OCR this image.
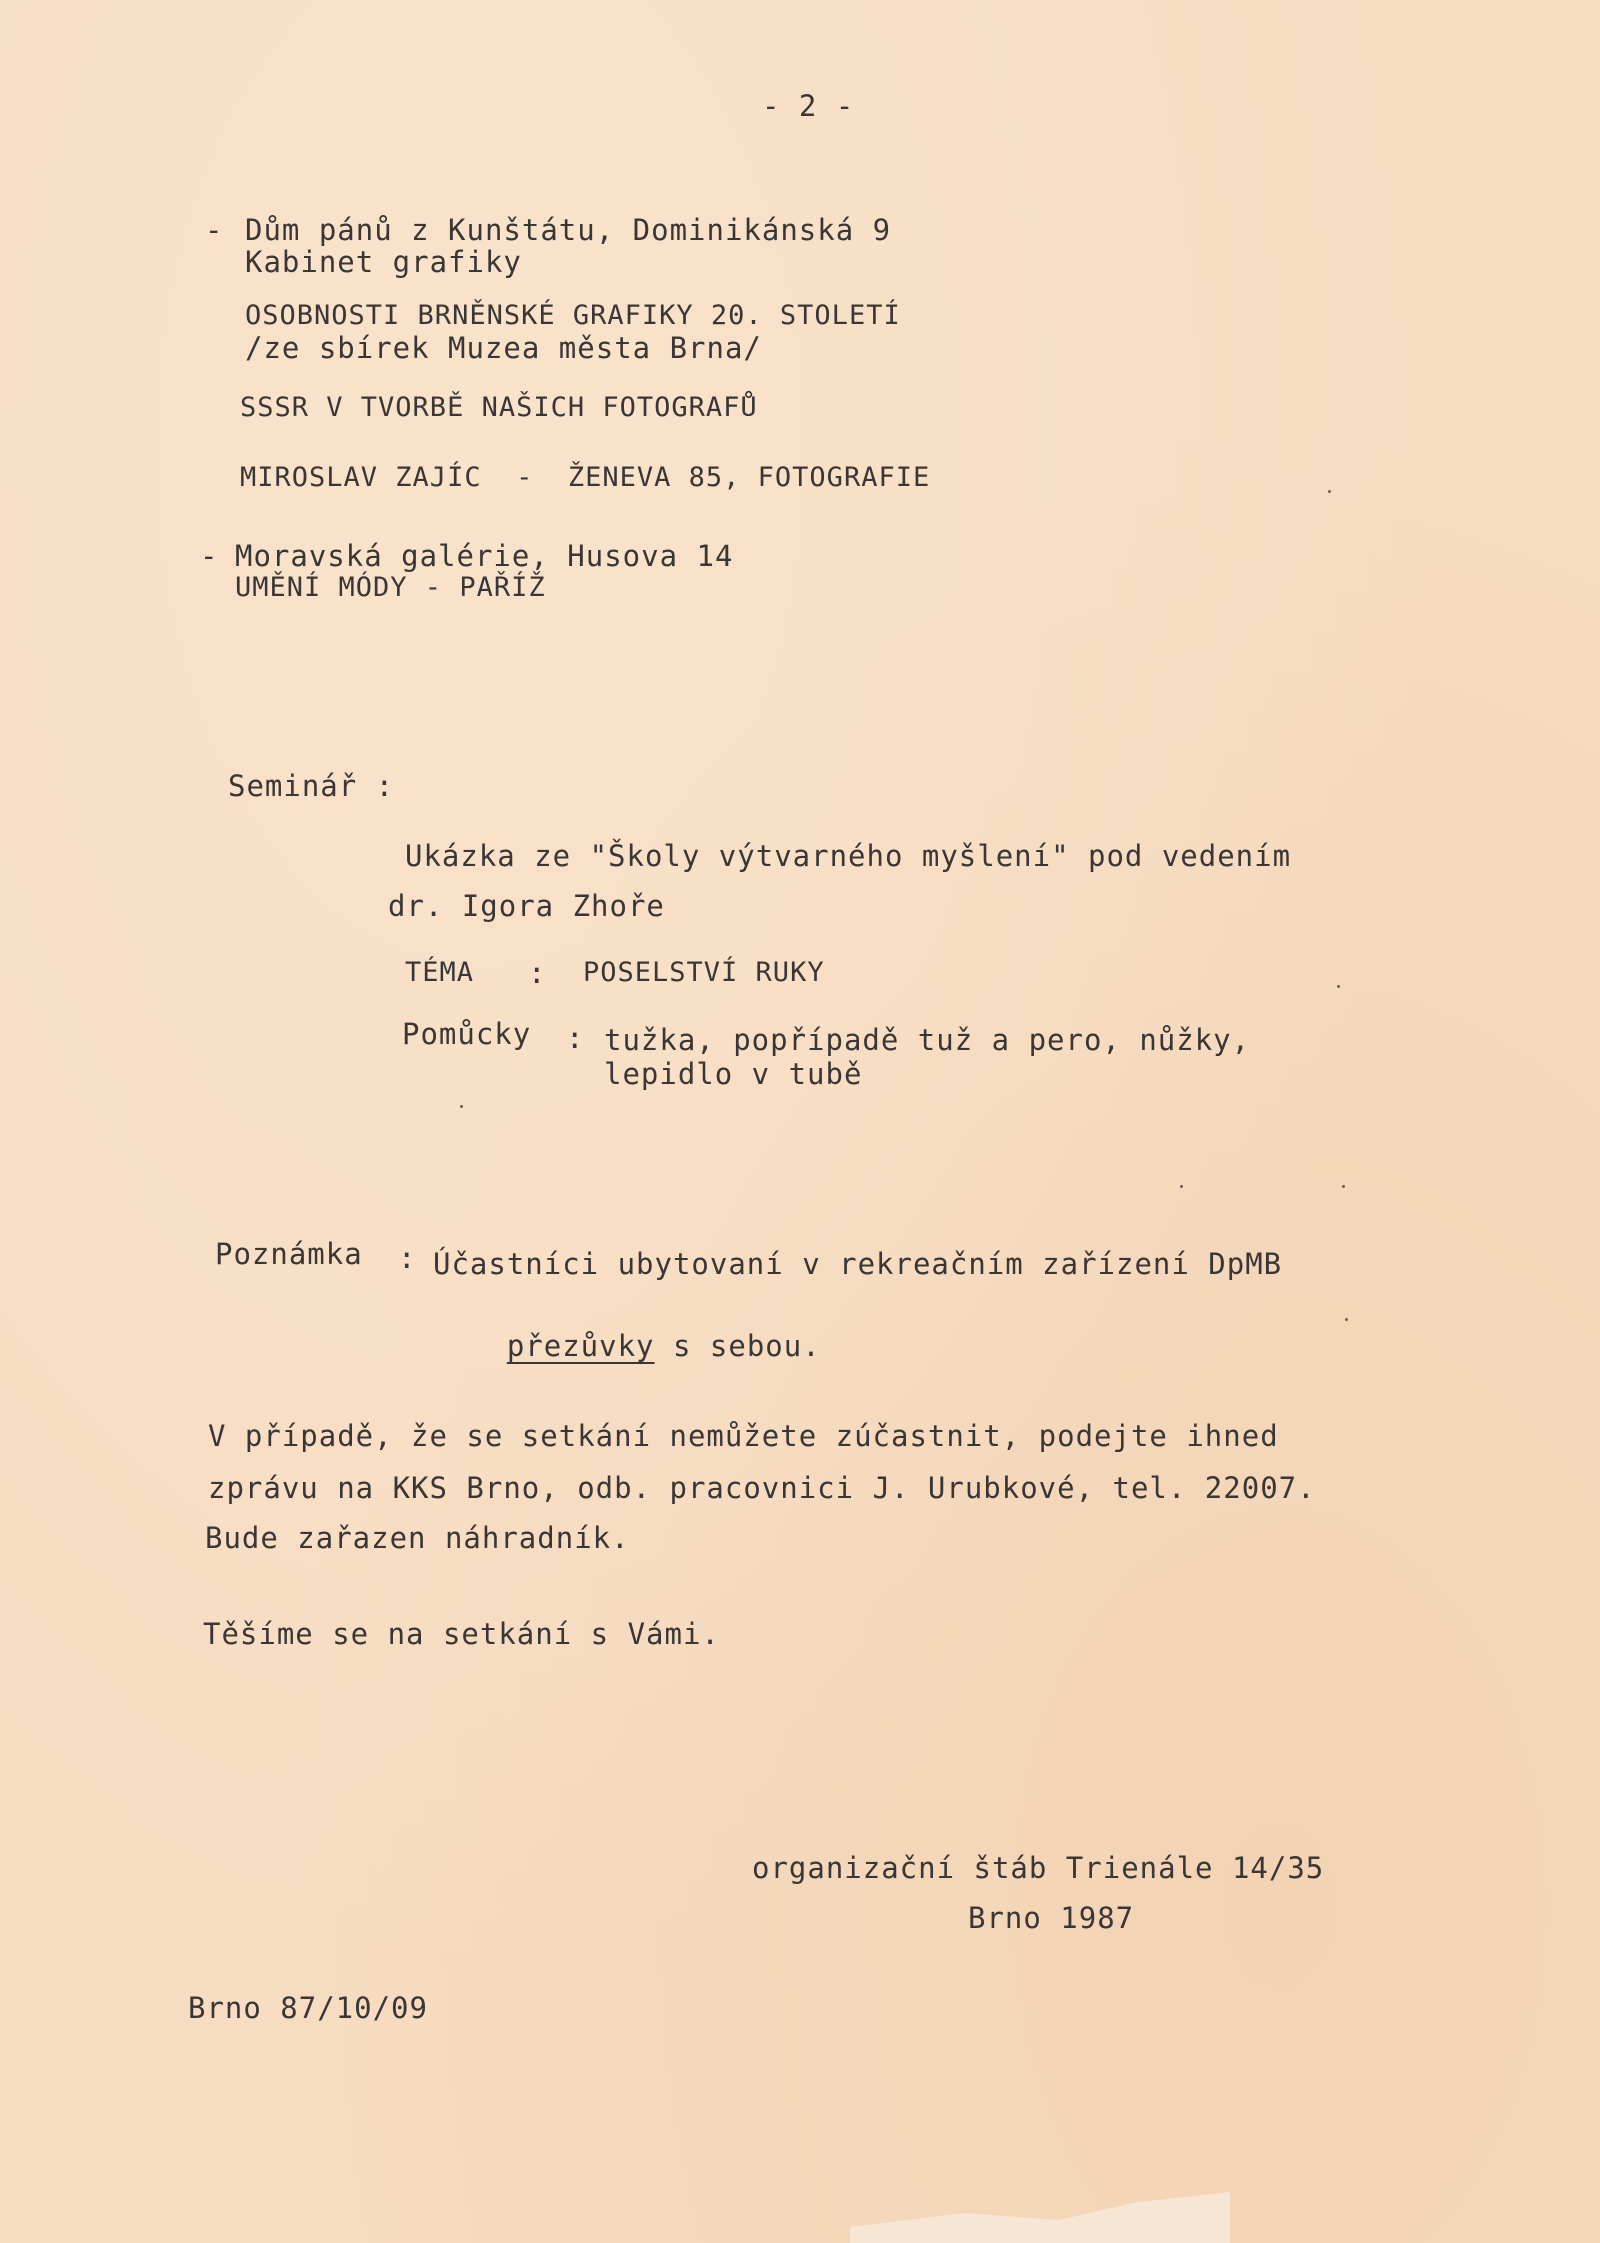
- 2 -
- Dům pánů z Kunštátu, Dominikánská 9
Kabinet grafiky
OSOBNOSTI BRNĚNSKÉ GRAFIKY 20. STOLETÍ
/ze sbírek Muzea města Brna/
SSSR V TVORBĚ NAŠICH FOTOGRAFŮ
MIROSLAV ZAJÍC  -  ŽENEVA 85, FOTOGRAFIE
- Moravská galérie, Husova 14
UMĚNÍ MÓDY - PAŘÍŽ
Seminář :
Ukázka ze "Školy výtvarného myšlení" pod vedením
dr. Igora Zhoře
TÉMA : POSELSTVÍ RUKY
Pomůcky : tužka, popřípadě tuž a pero, nůžky,
lepidlo v tubě
Poznámka : Účastníci ubytovaní v rekreačním zařízení DpMB

přezůvky s sebou.

V případě, že se setkání nemůžete zúčastnit, podejte ihned
zprávu na KKS Brno, odb. pracovnici J. Urubkové, tel. 22007.
Bude zařazen náhradník.
Těšíme se na setkání s Vámi.
organizační štáb Trienále 14/35
Brno 1987
Brno 87/10/09
